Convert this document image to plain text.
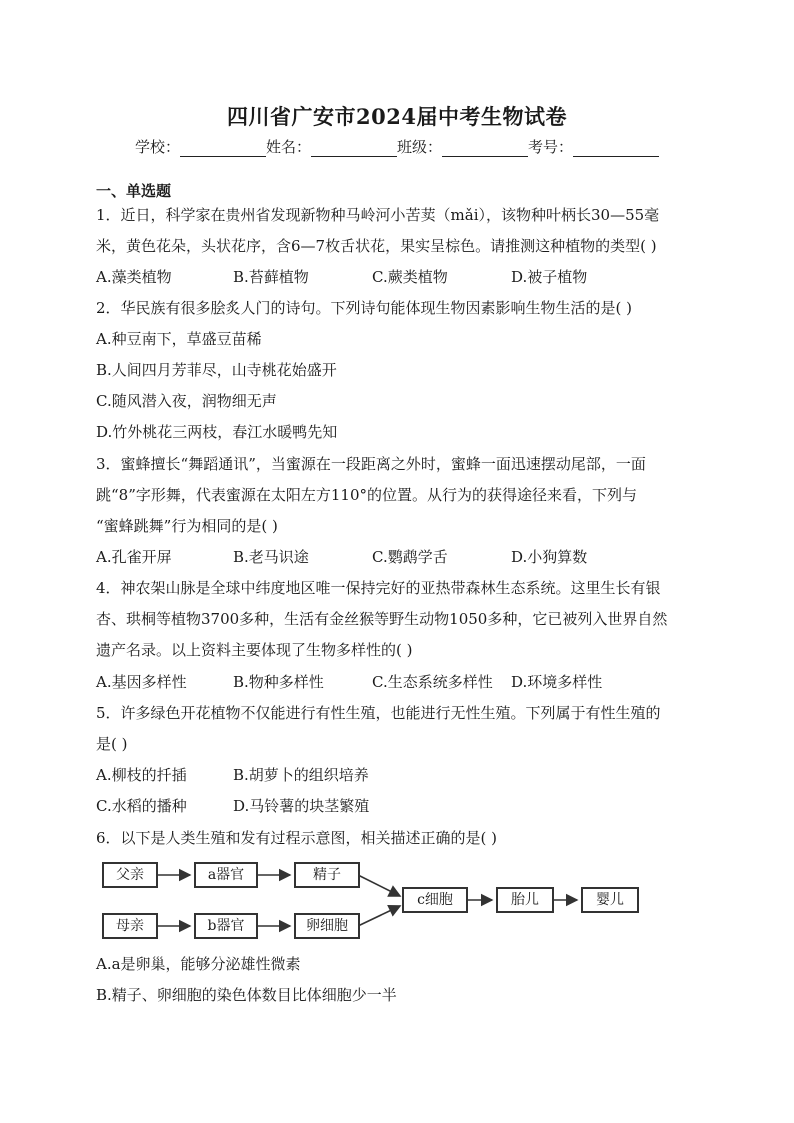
四川省广安市2024届中考生物试卷
学校：	姓名：	班级：	考号：
一、单选题
1．近日，科学家在贵州省发现新物种马岭河小苦荬（mǎi），该物种叶柄长30—55毫
米，黄色花朵，头状花序，含6—7枚舌状花，果实呈棕色。请推测这种植物的类型( )
A.藻类植物	B.苔藓植物	C.蕨类植物	D.被子植物
2．华民族有很多脍炙人门的诗句。下列诗句能体现生物因素影响生物生活的是( )
A.种豆南下，草盛豆苗稀
B.人间四月芳菲尽，山寺桃花始盛开
C.随风潜入夜，润物细无声
D.竹外桃花三两枝，春江水暖鸭先知
3．蜜蜂擅长“舞蹈通讯”，当蜜源在一段距离之外时，蜜蜂一面迅速摆动尾部，一面
跳“8”字形舞，代表蜜源在太阳左方110°的位置。从行为的获得途径来看，下列与
“蜜蜂跳舞”行为相同的是( )
A.孔雀开屏	B.老马识途	C.鹦鹉学舌	D.小狗算数
4．神农架山脉是全球中纬度地区唯一保持完好的亚热带森林生态系统。这里生长有银
杏、珙桐等植物3700多种，生活有金丝猴等野生动物1050多种，它已被列入世界自然
遗产名录。以上资料主要体现了生物多样性的( )
A.基因多样性	B.物种多样性	C.生态系统多样性 D.环境多样性
5．许多绿色开花植物不仅能进行有性生殖，也能进行无性生殖。下列属于有性生殖的
是( )
A.柳枝的扦插	B.胡萝卜的组织培养
C.水稻的播种	D.马铃薯的块茎繁殖
6．以下是人类生殖和发有过程示意图，相关描述正确的是( )
父亲	a器官	精子
母亲	b器官	卵细胞
c细胞	胎儿	婴儿
A.a是卵巢，能够分泌雄性微素
B.精子、卵细胞的染色体数目比体细胞少一半
